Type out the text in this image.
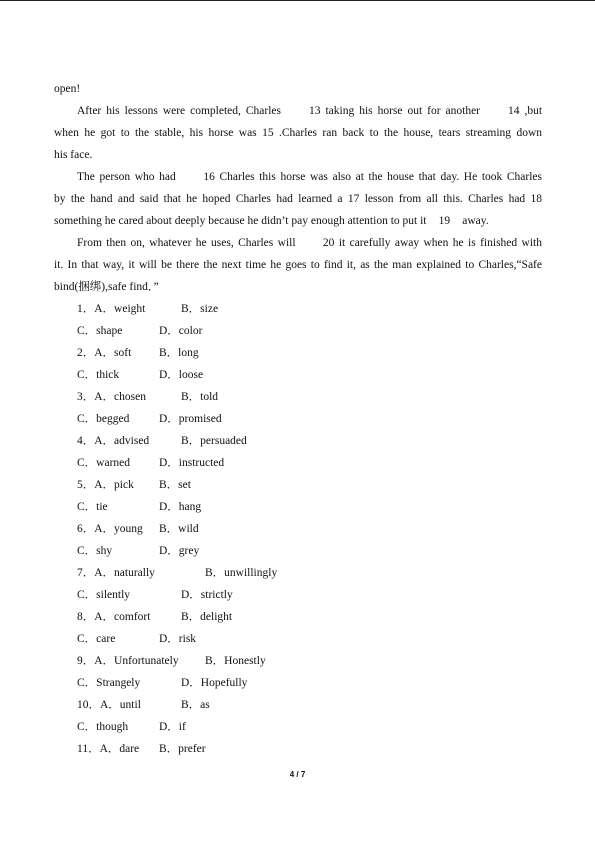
open!
After his lessons were completed, Charles 13 taking his horse out for another 14 ,but
when he got to the stable, his horse was 15 .Charles ran back to the house, tears streaming down
his face.
The person who had 16 Charles this horse was also at the house that day. He took Charles
by the hand and said that he hoped Charles had learned a 17 lesson from all this. Charles had 18
something he cared about deeply because he didn’t pay enough attention to put it 19 away.
From then on, whatever he uses, Charles will 20 it carefully away when he is finished with
it. In that way, it will be there the next time he goes to find it, as the man explained to Charles,“Safe
bind(捆绑),safe find．”
1．A．weight	B．size
C．shape	D．color
2．A．soft B．long
C．thick	D．loose
3．A．chosen	B．told
C．begged	D．promised
4．A．advised	B．persuaded
C．warned	D．instructed
5．A．pick B．set
C．tie	D．hang
6．A．young B．wild
C．shy	D．grey
7．A．naturally	B．unwillingly
C．silently	D．strictly
8．A．comfort	B．delight
C．care	D．risk
9．A．Unfortunately B．Honestly
C．Strangely	D．Hopefully
10．A．until	B．as
C．though	D．if
11．A．dare B．prefer
4 / 7
